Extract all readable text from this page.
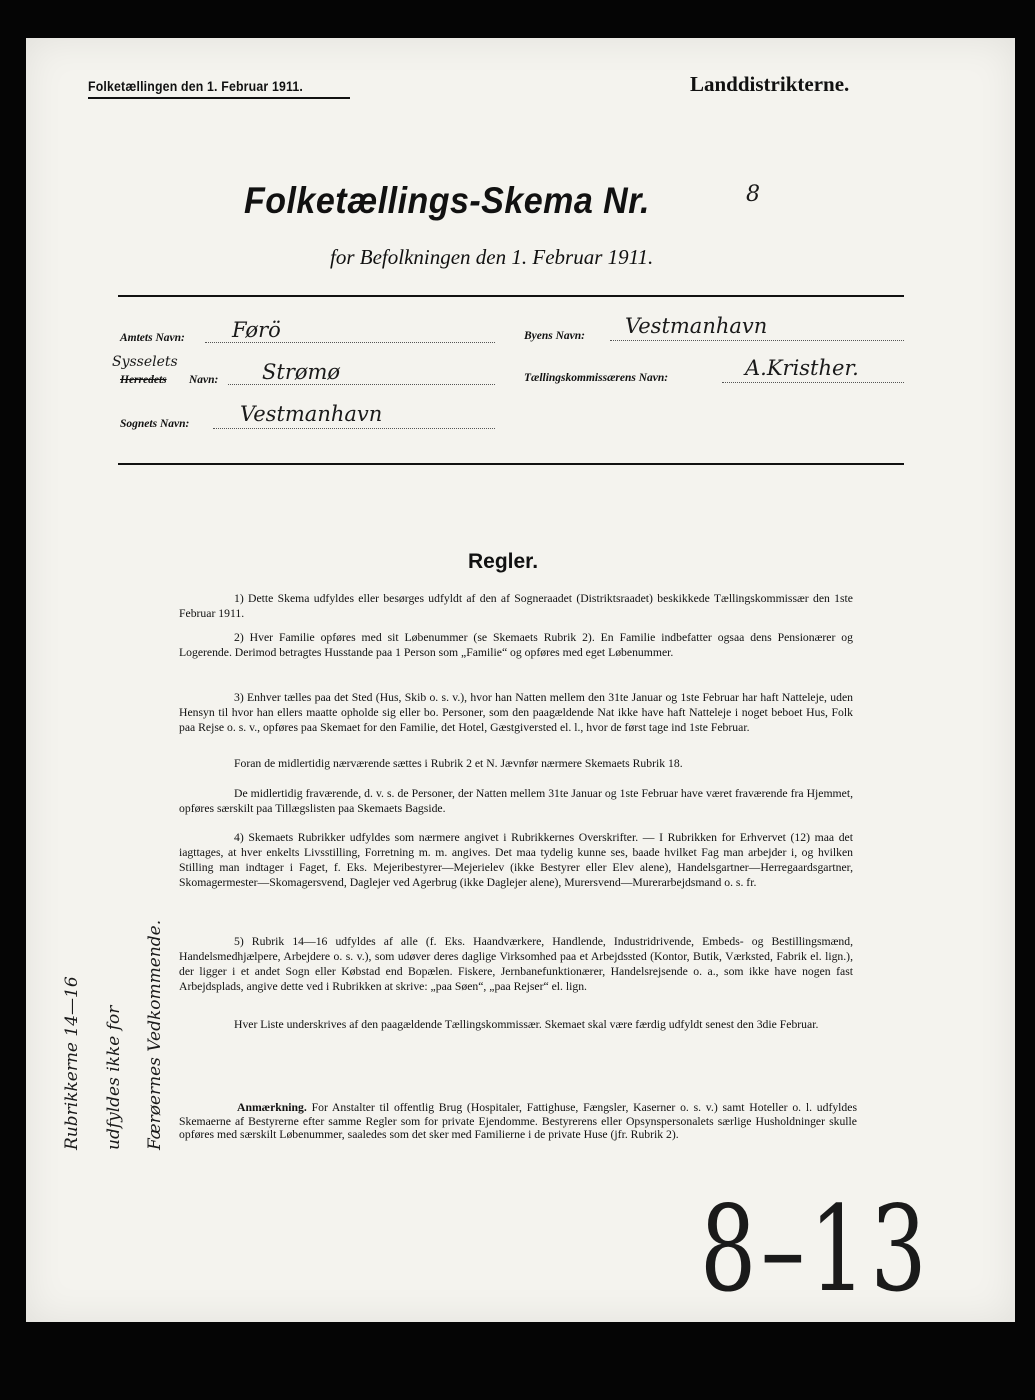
Folketællingen den 1. Februar 1911.	Landdistrikterne.
Folketællings-Skema Nr.	8
for Befolkningen den 1. Februar 1911.
Amtets Navn: Førö
Sysselets
Herredets Navn: Strømø
Sognets Navn: Vestmanhavn
Byens Navn: Vestmanhavn
Tællingskommissærens Navn:	A.Kristher.
Regler.
1) Dette Skema udfyldes eller besørges udfyldt af den af Sogneraadet (Distriktsraadet) beskikkede Tællingskommissær den 1ste Februar 1911.
2) Hver Familie opføres med sit Løbenummer (se Skemaets Rubrik 2). En Familie indbefatter ogsaa dens Pensionærer og Logerende. Derimod betragtes Husstande paa 1 Person som „Familie“ og opføres med eget Løbenummer.
3) Enhver tælles paa det Sted (Hus, Skib o. s. v.), hvor han Natten mellem den 31te Januar og 1ste Februar har haft Natteleje, uden Hensyn til hvor han ellers maatte opholde sig eller bo. Personer, som den paagældende Nat ikke have haft Natteleje i noget beboet Hus, Folk paa Rejse o. s. v., opføres paa Skemaet for den Familie, det Hotel, Gæstgiversted el. l., hvor de først tage ind 1ste Februar.
Foran de midlertidig nærværende sættes i Rubrik 2 et N. Jævnfør nærmere Skemaets Rubrik 18.
De midlertidig fraværende, d. v. s. de Personer, der Natten mellem 31te Januar og 1ste Februar have været fraværende fra Hjemmet, opføres særskilt paa Tillægslisten paa Skemaets Bagside.
4) Skemaets Rubrikker udfyldes som nærmere angivet i Rubrikkernes Overskrifter. — I Rubrikken for Erhvervet (12) maa det iagttages, at hver enkelts Livsstilling, Forretning m. m. angives. Det maa tydelig kunne ses, baade hvilket Fag man arbejder i, og hvilken Stilling man indtager i Faget, f. Eks. Mejeribestyrer—Mejerielev (ikke Bestyrer eller Elev alene), Handelsgartner—Herregaardsgartner, Skomagermester—Skomagersvend, Daglejer ved Agerbrug (ikke Daglejer alene), Murersvend—Murerarbejdsmand o. s. fr.
5) Rubrik 14—16 udfyldes af alle (f. Eks. Haandværkere, Handlende, Industridrivende, Embeds- og Bestillingsmænd, Handelsmedhjælpere, Arbejdere o. s. v.), som udøver deres daglige Virksomhed paa et Arbejdssted (Kontor, Butik, Værksted, Fabrik el. lign.), der ligger i et andet Sogn eller Købstad end Bopælen. Fiskere, Jernbanefunktionærer, Handelsrejsende o. a., som ikke have nogen fast Arbejdsplads, angive dette ved i Rubrikken at skrive: „paa Søen“, „paa Rejser“ el. lign.
Hver Liste underskrives af den paagældende Tællingskommissær. Skemaet skal være færdig udfyldt senest den 3die Februar.
Anmærkning. For Anstalter til offentlig Brug (Hospitaler, Fattighuse, Fængsler, Kaserner o. s. v.) samt Hoteller o. l. udfyldes Skemaerne af Bestyrerne efter samme Regler som for private Ejendomme. Bestyrerens eller Opsynspersonalets særlige Husholdninger skulle opføres med særskilt Løbenummer, saaledes som det sker med Familierne i de private Huse (jfr. Rubrik 2).
Rubrikkerne 14—16 udfyldes ikke for Færøernes Vedkommende.
8–13
